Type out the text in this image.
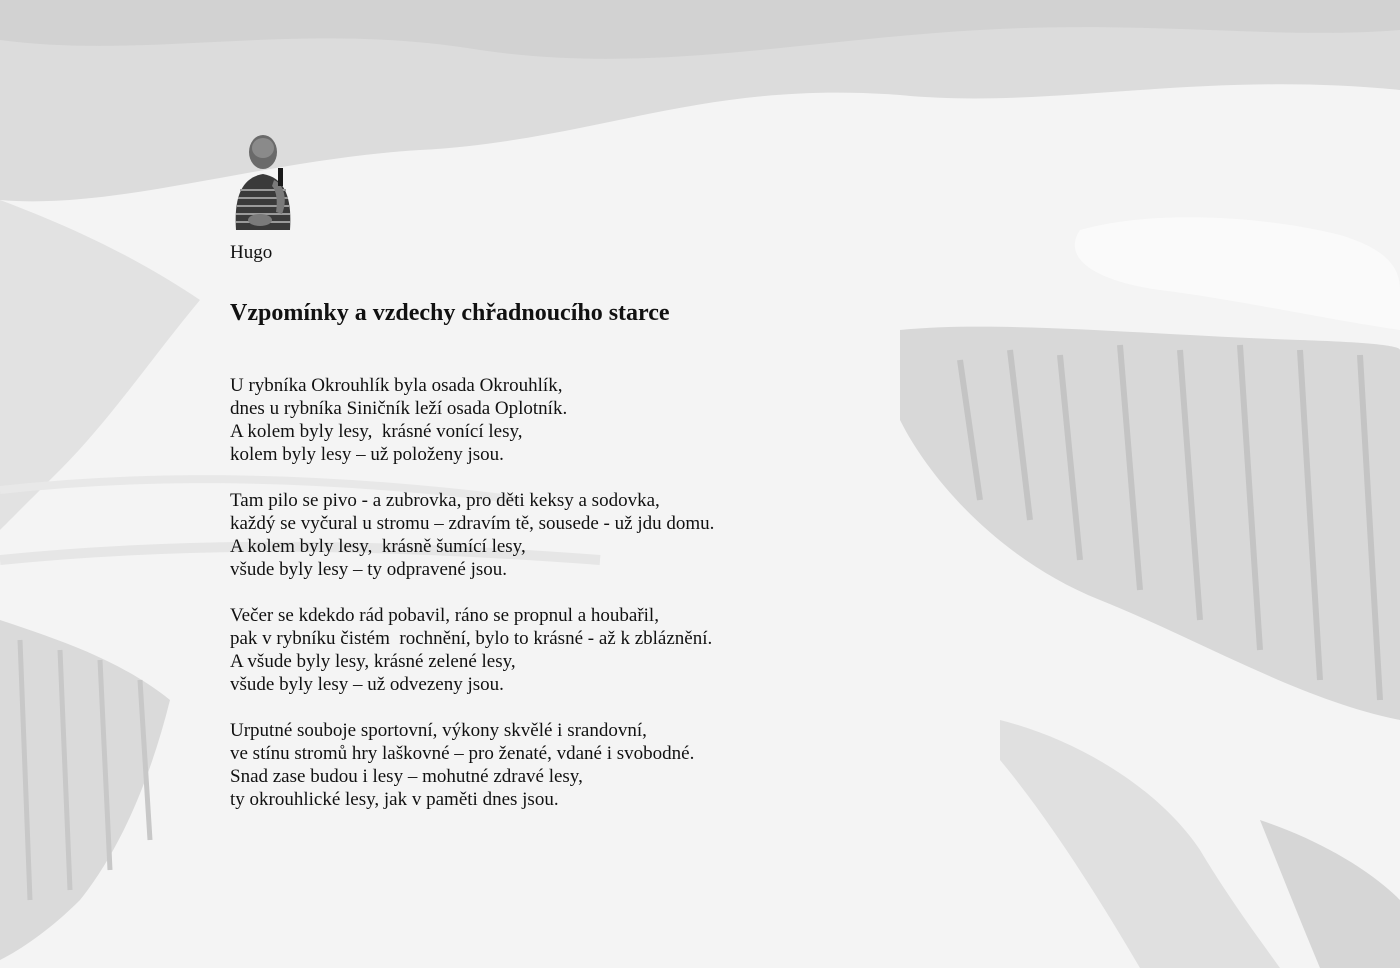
Hugo
Vzpomínky a vzdechy chřadnoucího starce
U rybníka Okrouhlík byla osada Okrouhlík,
dnes u rybníka Siničník leží osada Oplotník.
A kolem byly lesy,  krásné vonící lesy,
kolem byly lesy – už položeny jsou.
Tam pilo se pivo - a zubrovka, pro děti keksy a sodovka,
každý se vyčural u stromu – zdravím tě, sousede - už jdu domu.
A kolem byly lesy,  krásně šumící lesy,
všude byly lesy – ty odpravené jsou.
Večer se kdekdo rád pobavil, ráno se propnul a houbařil,
pak v rybníku čistém  rochnění, bylo to krásné - až k zbláznění.
A všude byly lesy, krásné zelené lesy,
všude byly lesy – už odvezeny jsou.
Urputné souboje sportovní, výkony skvělé i srandovní,
ve stínu stromů hry laškovné – pro ženaté, vdané i svobodné.
Snad zase budou i lesy – mohutné zdravé lesy,
ty okrouhlické lesy, jak v paměti dnes jsou.
